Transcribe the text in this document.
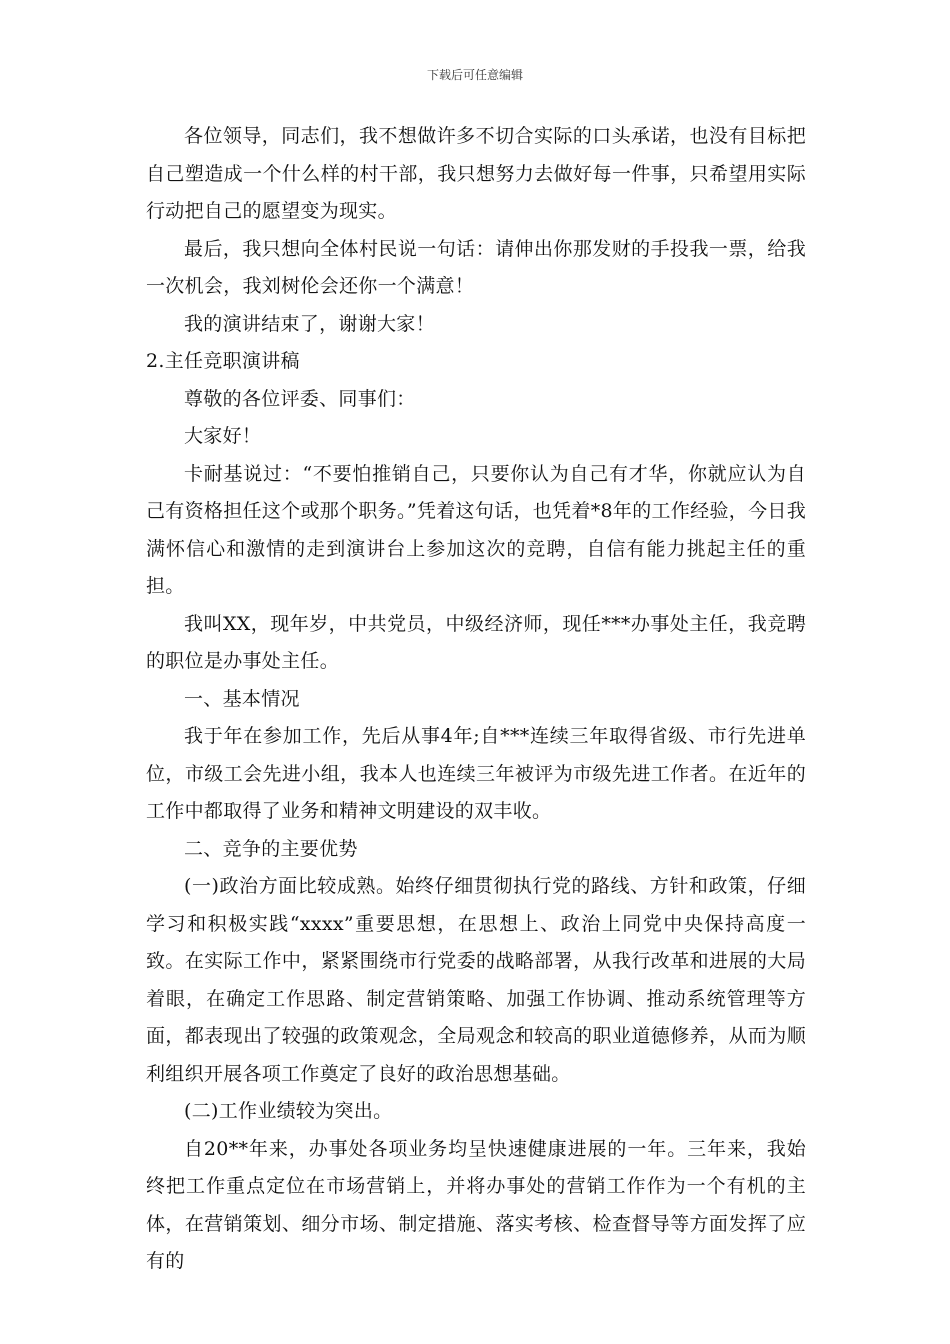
下载后可任意编辑

各位领导，同志们，我不想做许多不切合实际的口头承诺，也没有目标把自己塑造成一个什么样的村干部，我只想努力去做好每一件事，只希望用实际行动把自己的愿望变为现实。

最后，我只想向全体村民说一句话：请伸出你那发财的手投我一票，给我一次机会，我刘树伦会还你一个满意！

我的演讲结束了，谢谢大家！

2.主任竞职演讲稿

尊敬的各位评委、同事们：

大家好！

卡耐基说过：“不要怕推销自己，只要你认为自己有才华，你就应认为自己有资格担任这个或那个职务。”凭着这句话，也凭着*8年的工作经验，今日我满怀信心和激情的走到演讲台上参加这次的竞聘，自信有能力挑起主任的重担。

我叫XX，现年岁，中共党员，中级经济师，现任***办事处主任，我竞聘的职位是办事处主任。

一、基本情况

我于年在参加工作，先后从事4年;自***连续三年取得省级、市行先进单位，市级工会先进小组，我本人也连续三年被评为市级先进工作者。在近年的工作中都取得了业务和精神文明建设的双丰收。

二、竞争的主要优势

(一)政治方面比较成熟。始终仔细贯彻执行党的路线、方针和政策，仔细学习和积极实践“xxxx”重要思想，在思想上、政治上同党中央保持高度一致。在实际工作中，紧紧围绕市行党委的战略部署，从我行改革和进展的大局着眼，在确定工作思路、制定营销策略、加强工作协调、推动系统管理等方面，都表现出了较强的政策观念，全局观念和较高的职业道德修养，从而为顺利组织开展各项工作奠定了良好的政治思想基础。

(二)工作业绩较为突出。

自20**年来，办事处各项业务均呈快速健康进展的一年。三年来，我始终把工作重点定位在市场营销上，并将办事处的营销工作作为一个有机的主体，在营销策划、细分市场、制定措施、落实考核、检查督导等方面发挥了应有的
